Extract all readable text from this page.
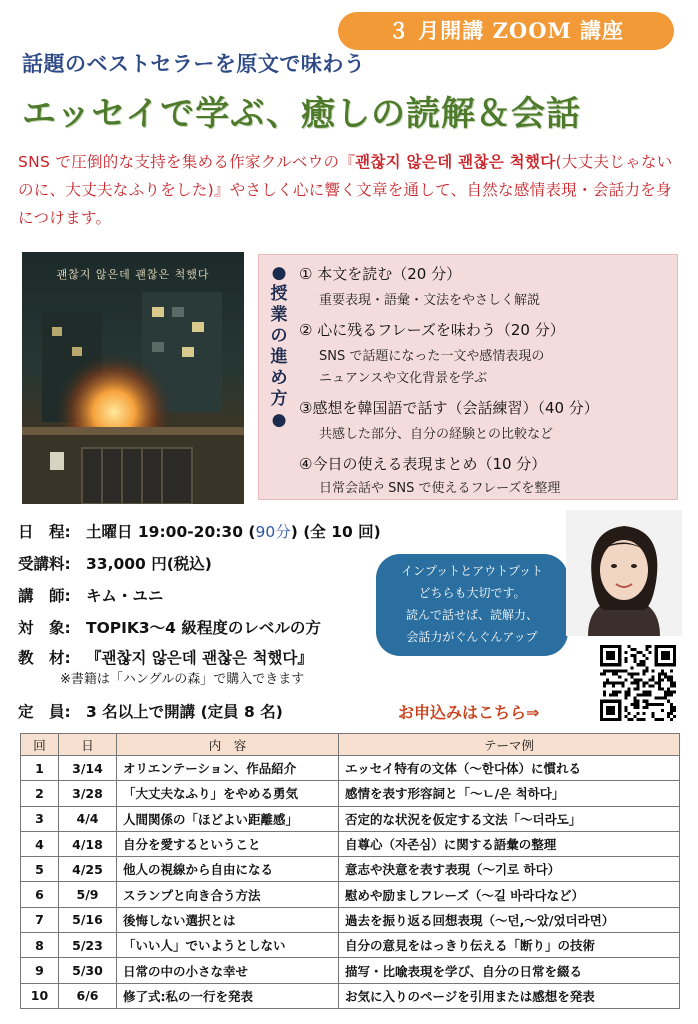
３ 月開講 ZOOM 講座
話題のベストセラーを原文で味わう
エッセイで学ぶ、癒しの読解＆会話
SNS で圧倒的な支持を集める作家クルベウの『괜찮지 않은데 괜찮은 척했다(大丈夫じゃないのに、大丈夫なふりをした)』やさしく心に響く文章を通して、自然な感情表現・会話力を身につけます。
괜찮지 않은데 괜찮은 척했다	●
授
業
の
進
め
方
●
① 本文を読む（20 分）
重要表現・語彙・文法をやさしく解説
② 心に残るフレーズを味わう（20 分）
SNS で話題になった一文や感情表現の
ニュアンスや文化背景を学ぶ
③感想を韓国語で話す（会話練習）（40 分）
共感した部分、自分の経験との比較など
④今日の使える表現まとめ（10 分）
日常会話や SNS で使えるフレーズを整理
日　程: 土曜日 19:00-20:30 (90分) (全 10 回)
受講料: 33,000 円(税込)
講　師: キム・ユニ
対　象: TOPIK3～4 級程度のレベルの方
教　材: 『괜찮지 않은데 괜찮은 척했다』
※書籍は「ハングルの森」で購入できます
定　員: 3 名以上で開講 (定員 8 名)
インプットとアウトプット
どちらも大切です。
読んで話せば、読解力、
会話力がぐんぐんアップ
お申込みはこちら⇒
回	日	内　容	テーマ例
1	3/14	オリエンテーション、作品紹介	エッセイ特有の文体（～한다体）に慣れる
2	3/28	「大丈夫なふり」をやめる勇気	感情を表す形容詞と「～ㄴ/은 척하다」
3	4/4	人間関係の「ほどよい距離感」	否定的な状況を仮定する文法「～더라도」
4	4/18	自分を愛するということ	自尊心（자존심）に関する語彙の整理
5	4/25	他人の視線から自由になる	意志や決意を表す表現（～기로 하다）
6	5/9	スランプと向き合う方法	慰めや励ましフレーズ（～길 바라다など）
7	5/16	後悔しない選択とは	過去を振り返る回想表現（～던,～았/었더라면）
8	5/23	「いい人」でいようとしない	自分の意見をはっきり伝える「断り」の技術
9	5/30	日常の中の小さな幸せ	描写・比喩表現を学び、自分の日常を綴る
10	6/6	修了式:私の一行を発表	お気に入りのページを引用または感想を発表
